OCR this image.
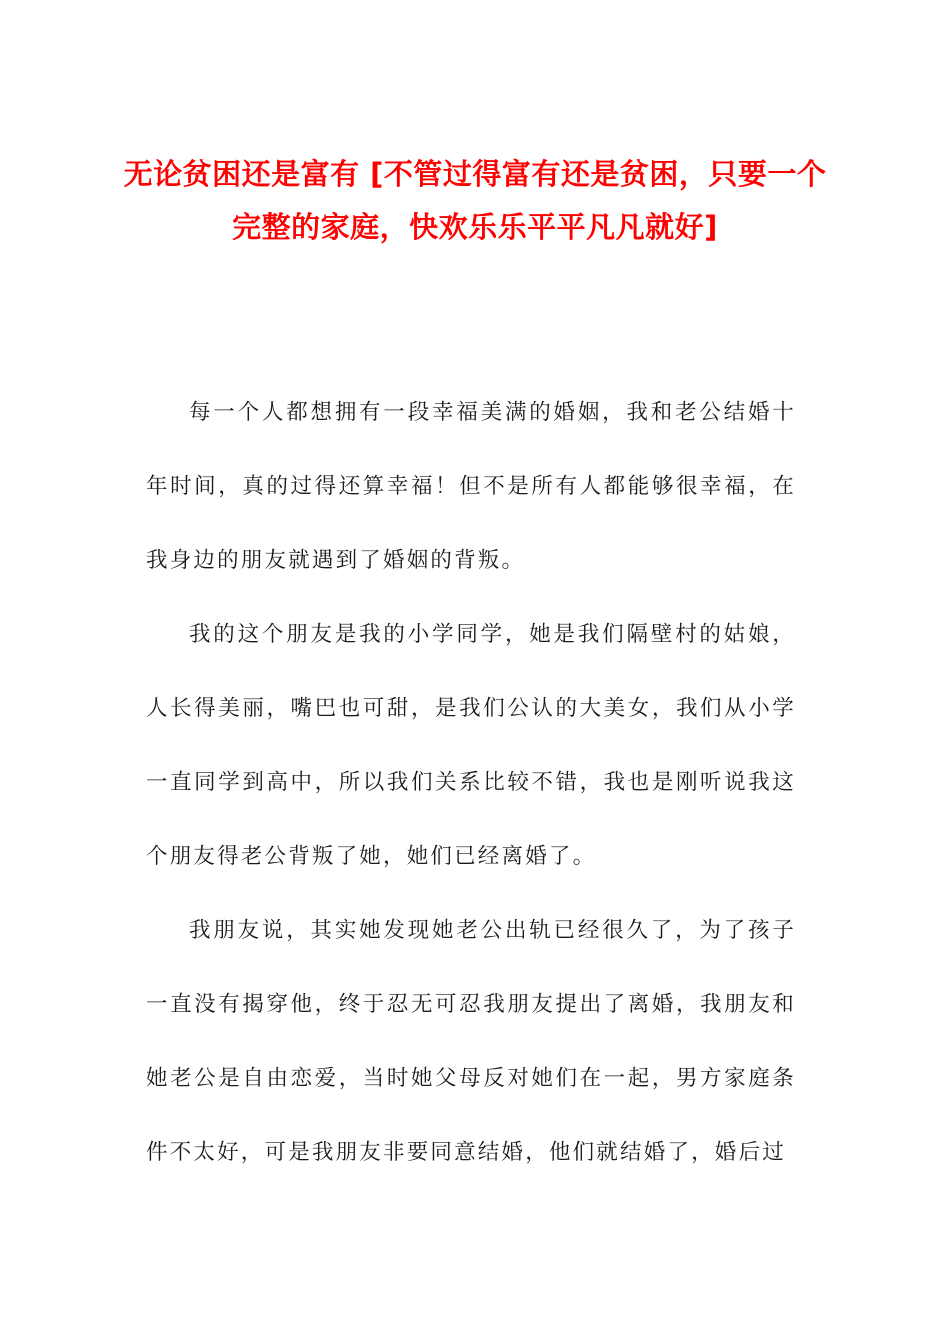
无论贫困还是富有 [不管过得富有还是贫困，只要一个完整的家庭，快欢乐乐平平凡凡就好]

每一个人都想拥有一段幸福美满的婚姻，我和老公结婚十年时间，真的过得还算幸福！但不是所有人都能够很幸福，在我身边的朋友就遇到了婚姻的背叛。

我的这个朋友是我的小学同学，她是我们隔壁村的姑娘，人长得美丽，嘴巴也可甜，是我们公认的大美女，我们从小学一直同学到高中，所以我们关系比较不错，我也是刚听说我这个朋友得老公背叛了她，她们已经离婚了。

我朋友说，其实她发现她老公出轨已经很久了，为了孩子一直没有揭穿他，终于忍无可忍我朋友提出了离婚，我朋友和她老公是自由恋爱，当时她父母反对她们在一起，男方家庭条件不太好，可是我朋友非要同意结婚，他们就结婚了，婚后过
